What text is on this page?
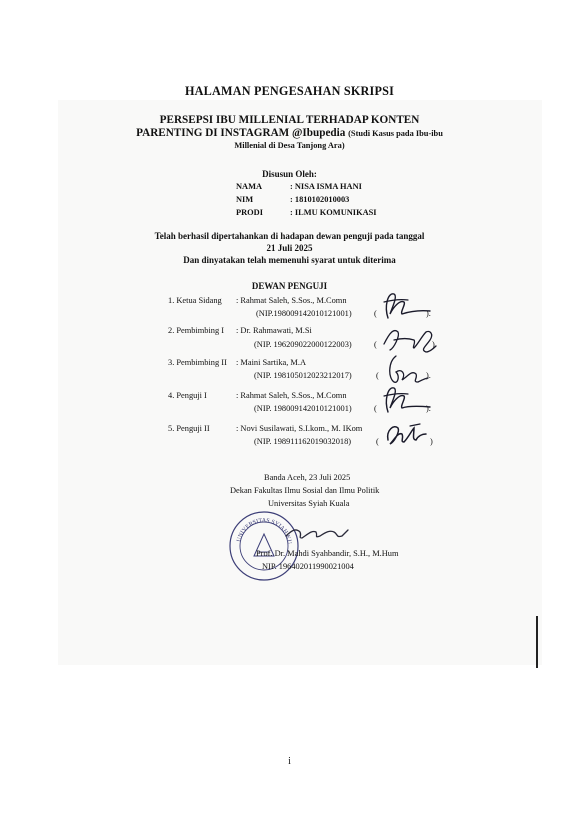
HALAMAN PENGESAHAN SKRIPSI
PERSEPSI IBU MILLENIAL TERHADAP KONTEN
PARENTING DI INSTAGRAM @Ibupedia (Studi Kasus pada Ibu-ibu
Millenial di Desa Tanjong Ara)
Disusun Oleh:
NAMA	: NISA ISMA HANI
NIM	: 1810102010003
PRODI	: ILMU KOMUNIKASI
Telah berhasil dipertahankan di hadapan dewan penguji pada tanggal
21 Juli 2025
Dan dinyatakan telah memenuhi syarat untuk diterima
DEWAN PENGUJI
1. Ketua Sidang : Rahmat Saleh, S.Sos., M.Comn
(NIP.198009142010121001)	(	).
2. Pembimbing I : Dr. Rahmawati, M.Si
(NIP. 196209022000122003)	(	)
3. Pembimbing II : Maini Sartika, M.A
(NIP. 198105012023212017)	(	).
4. Penguji I	: Rahmat Saleh, S.Sos., M.Comn
(NIP. 198009142010121001)	(	).
5. Penguji II	: Novi Susilawati, S.I.kom., M. IKom
(NIP. 198911162019032018)	(	)
Banda Aceh, 23 Juli 2025
Dekan Fakultas Ilmu Sosial dan Ilmu Politik
Universitas Syiah Kuala
UNIVERSITAS SYIAH KU
Prof. Dr. Mahdi Syahbandir, S.H., M.Hum
NIP. 196402011990021004
i
